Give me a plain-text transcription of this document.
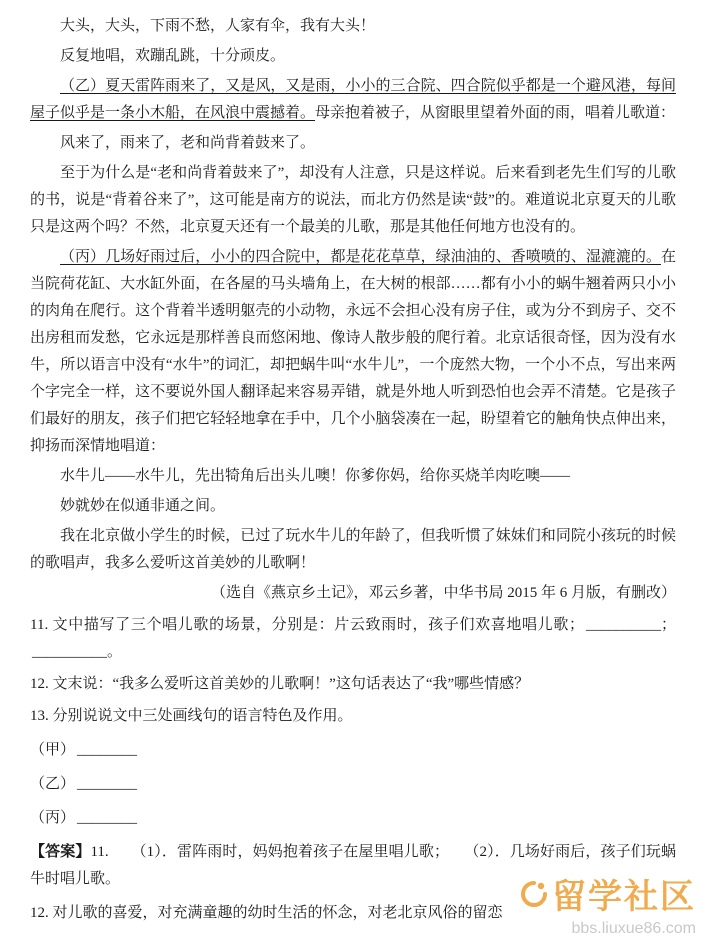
大头，大头，下雨不愁，人家有伞，我有大头！

反复地唱，欢蹦乱跳，十分顽皮。

（乙）夏天雷阵雨来了，又是风，又是雨，小小的三合院、四合院似乎都是一个避风港，每间屋子似乎是一条小木船，在风浪中震撼着。母亲抱着被子，从窗眼里望着外面的雨，唱着儿歌道：

风来了，雨来了，老和尚背着鼓来了。

至于为什么是“老和尚背着鼓来了”，却没有人注意，只是这样说。后来看到老先生们写的儿歌的书，说是“背着谷来了”，这可能是南方的说法，而北方仍然是读“鼓”的。难道说北京夏天的儿歌只是这两个吗？不然，北京夏天还有一个最美的儿歌，那是其他任何地方也没有的。

（丙）几场好雨过后，小小的四合院中，都是花花草草，绿油油的、香喷喷的、湿漉漉的。在当院荷花缸、大水缸外面，在各屋的马头墙角上，在大树的根部……都有小小的蜗牛翘着两只小小的肉角在爬行。这个背着半透明躯壳的小动物，永远不会担心没有房子住，或为分不到房子、交不出房租而发愁，它永远是那样善良而悠闲地、像诗人散步般的爬行着。北京话很奇怪，因为没有水牛，所以语言中没有“水牛”的词汇，却把蜗牛叫“水牛儿”，一个庞然大物，一个小不点，写出来两个字完全一样，这不要说外国人翻译起来容易弄错，就是外地人听到恐怕也会弄不清楚。它是孩子们最好的朋友，孩子们把它轻轻地拿在手中，几个小脑袋凑在一起，盼望着它的触角快点伸出来，抑扬而深情地唱道：

水牛儿——水牛儿，先出犄角后出头儿噢！你爹你妈，给你买烧羊肉吃噢——

妙就妙在似通非通之间。

我在北京做小学生的时候，已过了玩水牛儿的年龄了，但我听惯了妹妹们和同院小孩玩的时候的歌唱声，我多么爱听这首美妙的儿歌啊！

（选自《燕京乡土记》，邓云乡著，中华书局 2015 年 6 月版，有删改）

11. 文中描写了三个唱儿歌的场景，分别是：片云致雨时，孩子们欢喜地唱儿歌； __________；__________。

12. 文末说：“我多么爱听这首美妙的儿歌啊！”这句话表达了“我”哪些情感？

13. 分别说说文中三处画线句的语言特色及作用。

（甲） ________

（乙） ________

（丙） ________

【答案】11.　　（1）．雷阵雨时，妈妈抱着孩子在屋里唱儿歌；　　（2）．几场好雨后，孩子们玩蜗牛时唱儿歌。

12. 对儿歌的喜爱，对充满童趣的幼时生活的怀念，对老北京风俗的留恋	留学社区
bbs.liuxue86.com
